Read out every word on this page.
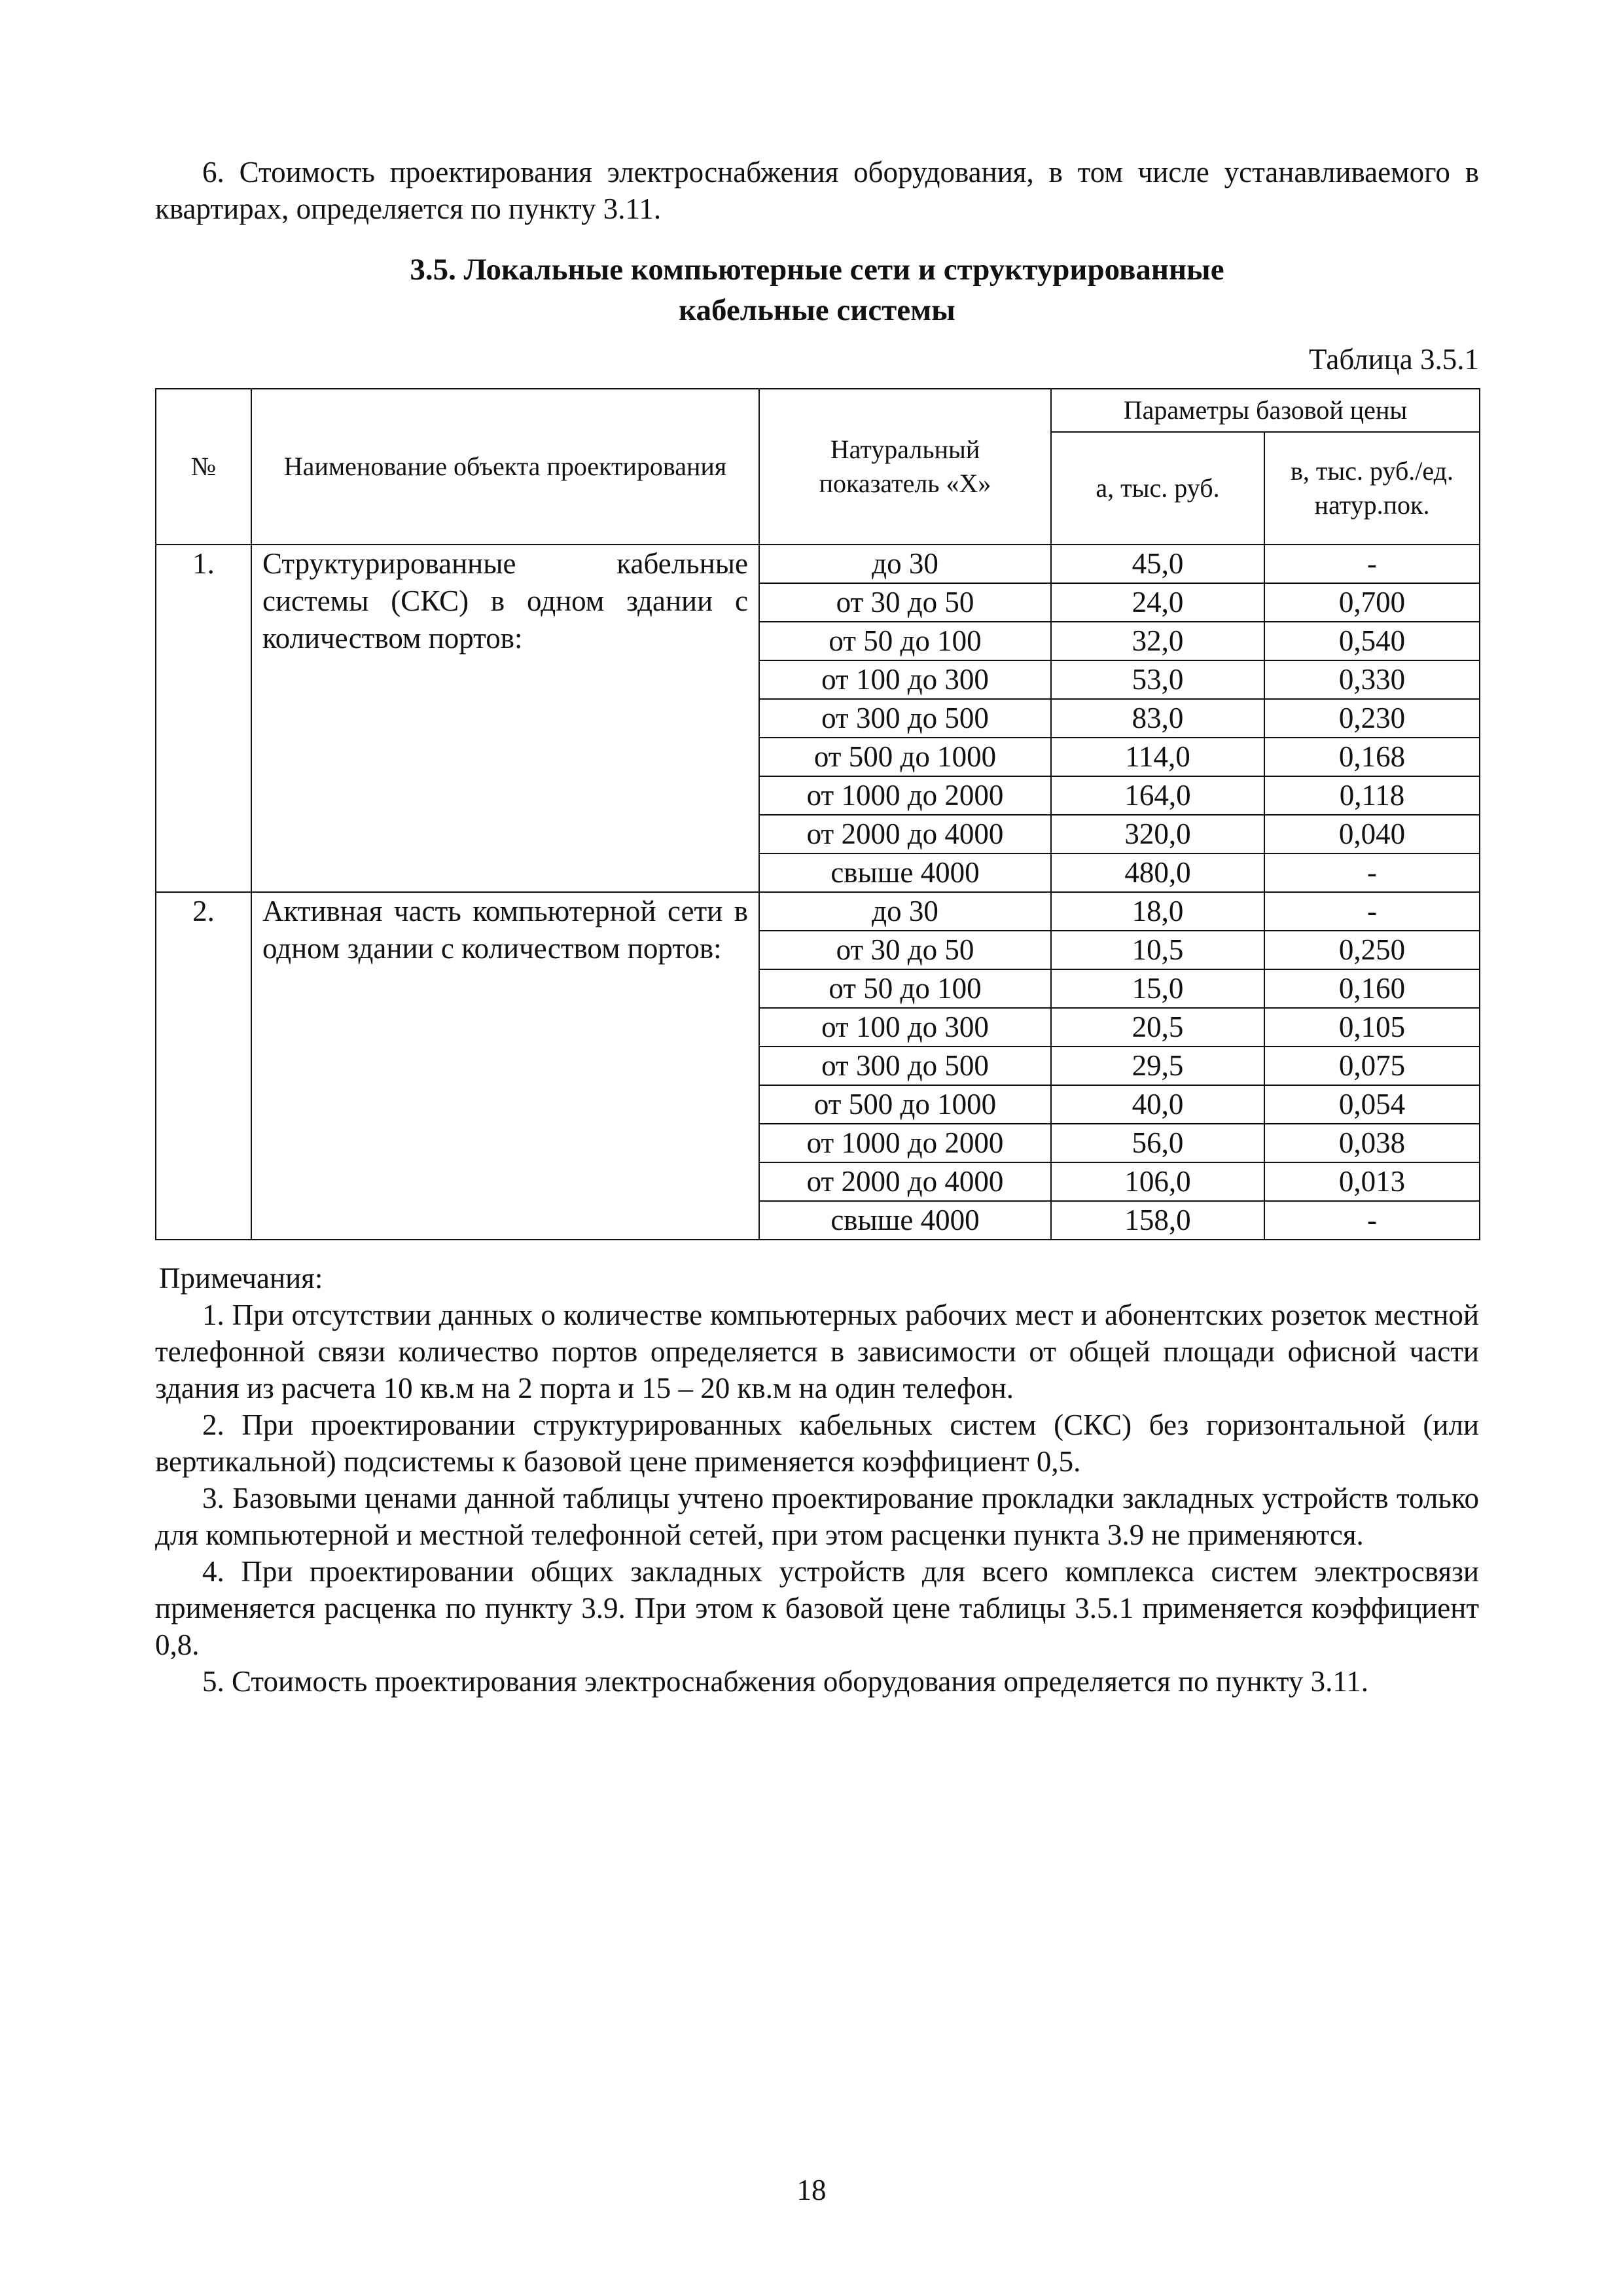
6. Стоимость проектирования электроснабжения оборудования, в том числе устанавливаемого в квартирах, определяется по пункту 3.11.

3.5. Локальные компьютерные сети и структурированные
кабельные системы
Таблица 3.5.1
№	Наименование объекта проектирования	Натуральный показатель «Х»	Параметры базовой цены	
			а, тыс. руб.	в, тыс. руб./ед. натур.пок.
1.	Структурированные кабельные системы (СКС) в одном здании с количеством портов:	до 30	45,0	-
		от 30 до 50	24,0	0,700
		от 50 до 100	32,0	0,540
		от 100 до 300	53,0	0,330
		от 300 до 500	83,0	0,230
		от 500 до 1000	114,0	0,168
		от 1000 до 2000	164,0	0,118
		от 2000 до 4000	320,0	0,040
		свыше 4000	480,0	-
2.	Активная часть компьютерной сети в одном здании с количеством портов:	до 30	18,0	-
		от 30 до 50	10,5	0,250
		от 50 до 100	15,0	0,160
		от 100 до 300	20,5	0,105
		от 300 до 500	29,5	0,075
		от 500 до 1000	40,0	0,054
		от 1000 до 2000	56,0	0,038
		от 2000 до 4000	106,0	0,013
		свыше 4000	158,0	-

Примечания:

1. При отсутствии данных о количестве компьютерных рабочих мест и абонентских розеток местной телефонной связи количество портов определяется в зависимости от общей площади офисной части здания из расчета 10 кв.м на 2 порта и 15 – 20 кв.м на один телефон.

2. При проектировании структурированных кабельных систем (СКС) без горизонтальной (или вертикальной) подсистемы к базовой цене применяется коэффициент 0,5.

3. Базовыми ценами данной таблицы учтено проектирование прокладки закладных устройств только для компьютерной и местной телефонной сетей, при этом расценки пункта 3.9 не применяются.

4. При проектировании общих закладных устройств для всего комплекса систем электросвязи применяется расценка по пункту 3.9. При этом к базовой цене таблицы 3.5.1 применяется коэффициент 0,8.

5. Стоимость проектирования электроснабжения оборудования определяется по пункту 3.11.

18
